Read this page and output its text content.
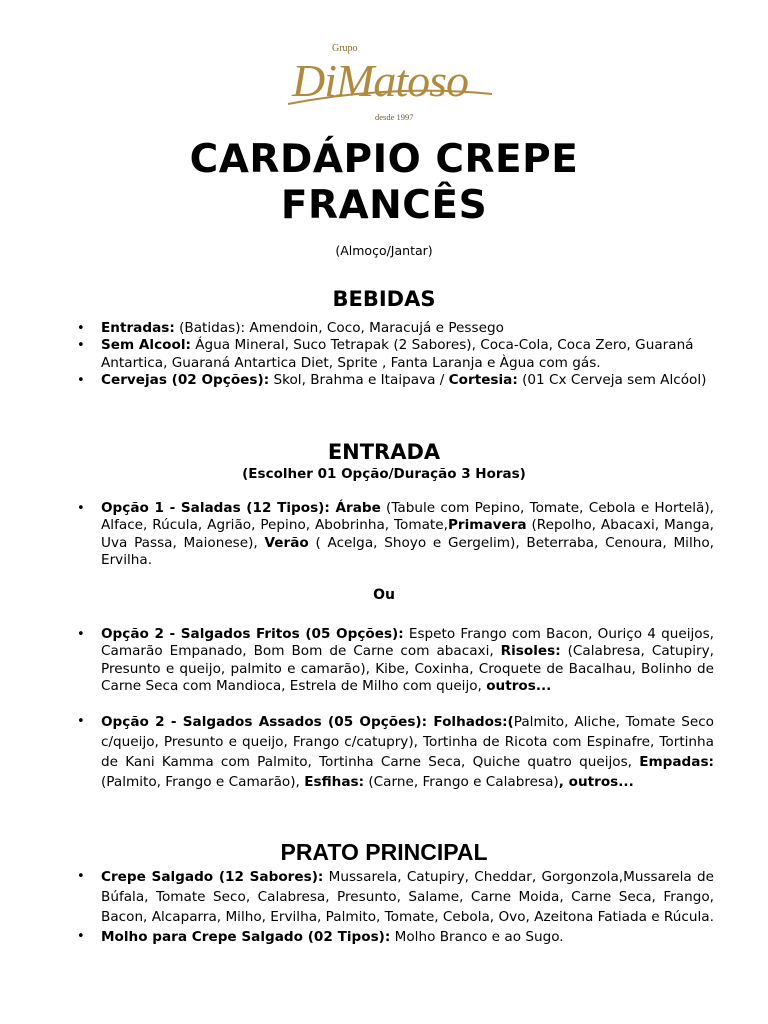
Grupo
DiMatoso
desde 1997
CARDÁPIO CREPE
FRANCÊS
(Almoço/Jantar)
BEBIDAS
• Entradas: (Batidas): Amendoin, Coco, Maracujá e Pessego
• Sem Alcool: Água Mineral, Suco Tetrapak (2 Sabores), Coca-Cola, Coca Zero, Guaraná Antartica, Guaraná Antartica Diet, Sprite , Fanta Laranja e Àgua com gás.
• Cervejas (02 Opções): Skol, Brahma e Itaipava / Cortesia: (01 Cx Cerveja sem Alcóol)
ENTRADA
(Escolher 01 Opção/Duração 3 Horas)
• Opção 1 - Saladas (12 Tipos): Árabe (Tabule com Pepino, Tomate, Cebola e Hortelã), Alface, Rúcula, Agrião, Pepino, Abobrinha, Tomate,Primavera (Repolho, Abacaxi, Manga, Uva Passa, Maionese), Verão ( Acelga, Shoyo e Gergelim), Beterraba, Cenoura, Milho, Ervilha.
Ou
• Opção 2 - Salgados Fritos (05 Opções): Espeto Frango com Bacon, Ouriço 4 queijos, Camarão Empanado, Bom Bom de Carne com abacaxi, Risoles: (Calabresa, Catupiry, Presunto e queijo, palmito e camarão), Kibe, Coxinha, Croquete de Bacalhau, Bolinho de Carne Seca com Mandioca, Estrela de Milho com queijo, outros...
• Opção 2 - Salgados Assados (05 Opções): Folhados:(Palmito, Aliche, Tomate Seco c/queijo, Presunto e queijo, Frango c/catupry), Tortinha de Ricota com Espinafre, Tortinha de Kani Kamma com Palmito, Tortinha Carne Seca, Quiche quatro queijos, Empadas: (Palmito, Frango e Camarão), Esfihas: (Carne, Frango e Calabresa), outros...
PRATO PRINCIPAL
• Crepe Salgado (12 Sabores): Mussarela, Catupiry, Cheddar, Gorgonzola,Mussarela de Búfala, Tomate Seco, Calabresa, Presunto, Salame, Carne Moida, Carne Seca, Frango, Bacon, Alcaparra, Milho, Ervilha, Palmito, Tomate, Cebola, Ovo, Azeitona Fatiada e Rúcula.
• Molho para Crepe Salgado (02 Tipos): Molho Branco e ao Sugo.
